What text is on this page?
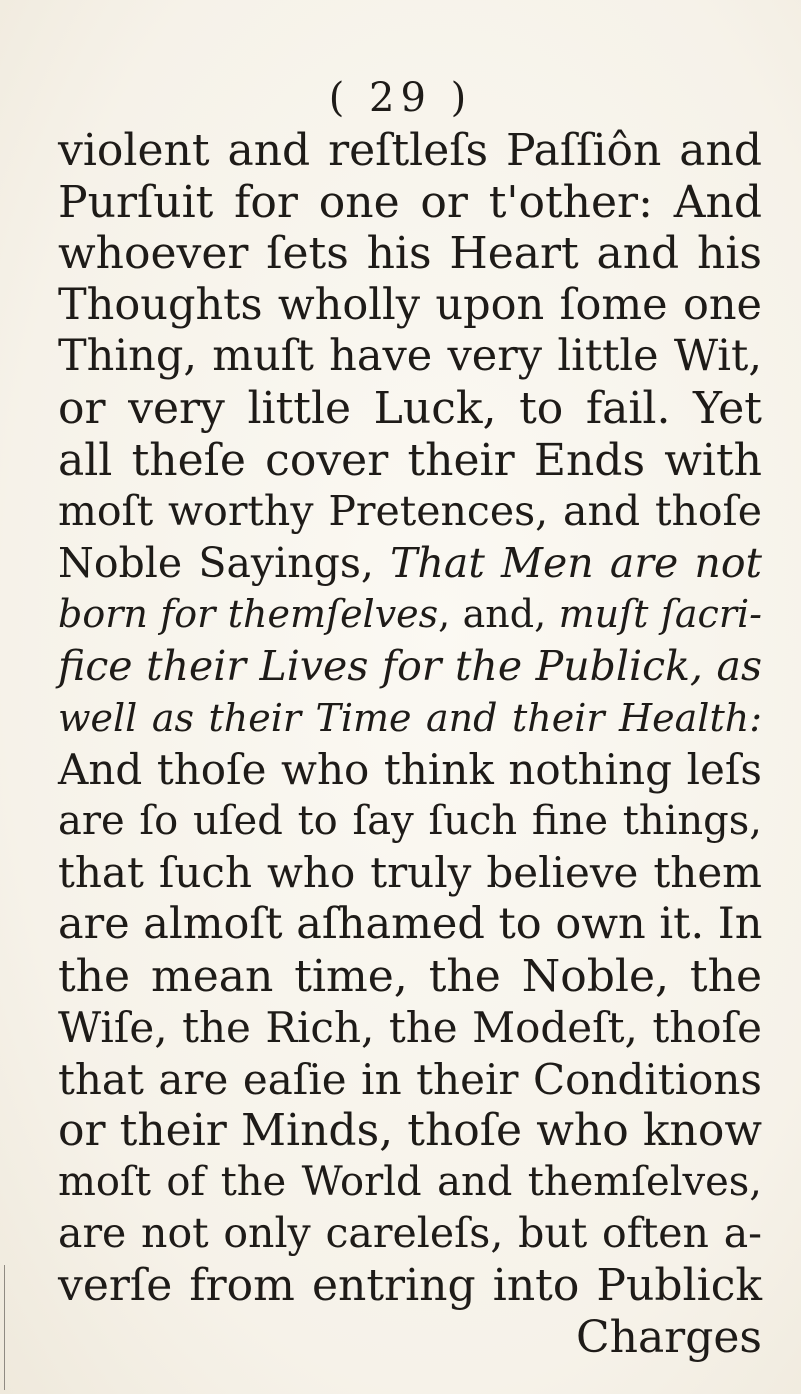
( 29 )
violent and reſtleſs Paſſiôn and
Purſuit for one or t'other: And
whoever ſets his Heart and his
Thoughts wholly upon ſome one
Thing, muſt have very little Wit,
or very little Luck, to fail. Yet
all theſe cover their Ends with
moſt worthy Pretences, and thoſe
Noble Sayings, That Men are not
born for themſelves, and, muſt ſacri-
fice their Lives for the Publick, as
well as their Time and their Health:
And thoſe who think nothing leſs
are ſo uſed to ſay ſuch fine things,
that ſuch who truly believe them
are almoſt aſhamed to own it. In
the mean time, the Noble, the
Wiſe, the Rich, the Modeſt, thoſe
that are eaſie in their Conditions
or their Minds, thoſe who know
moſt of the World and themſelves,
are not only careleſs, but often a-
verſe from entring into Publick
Charges
